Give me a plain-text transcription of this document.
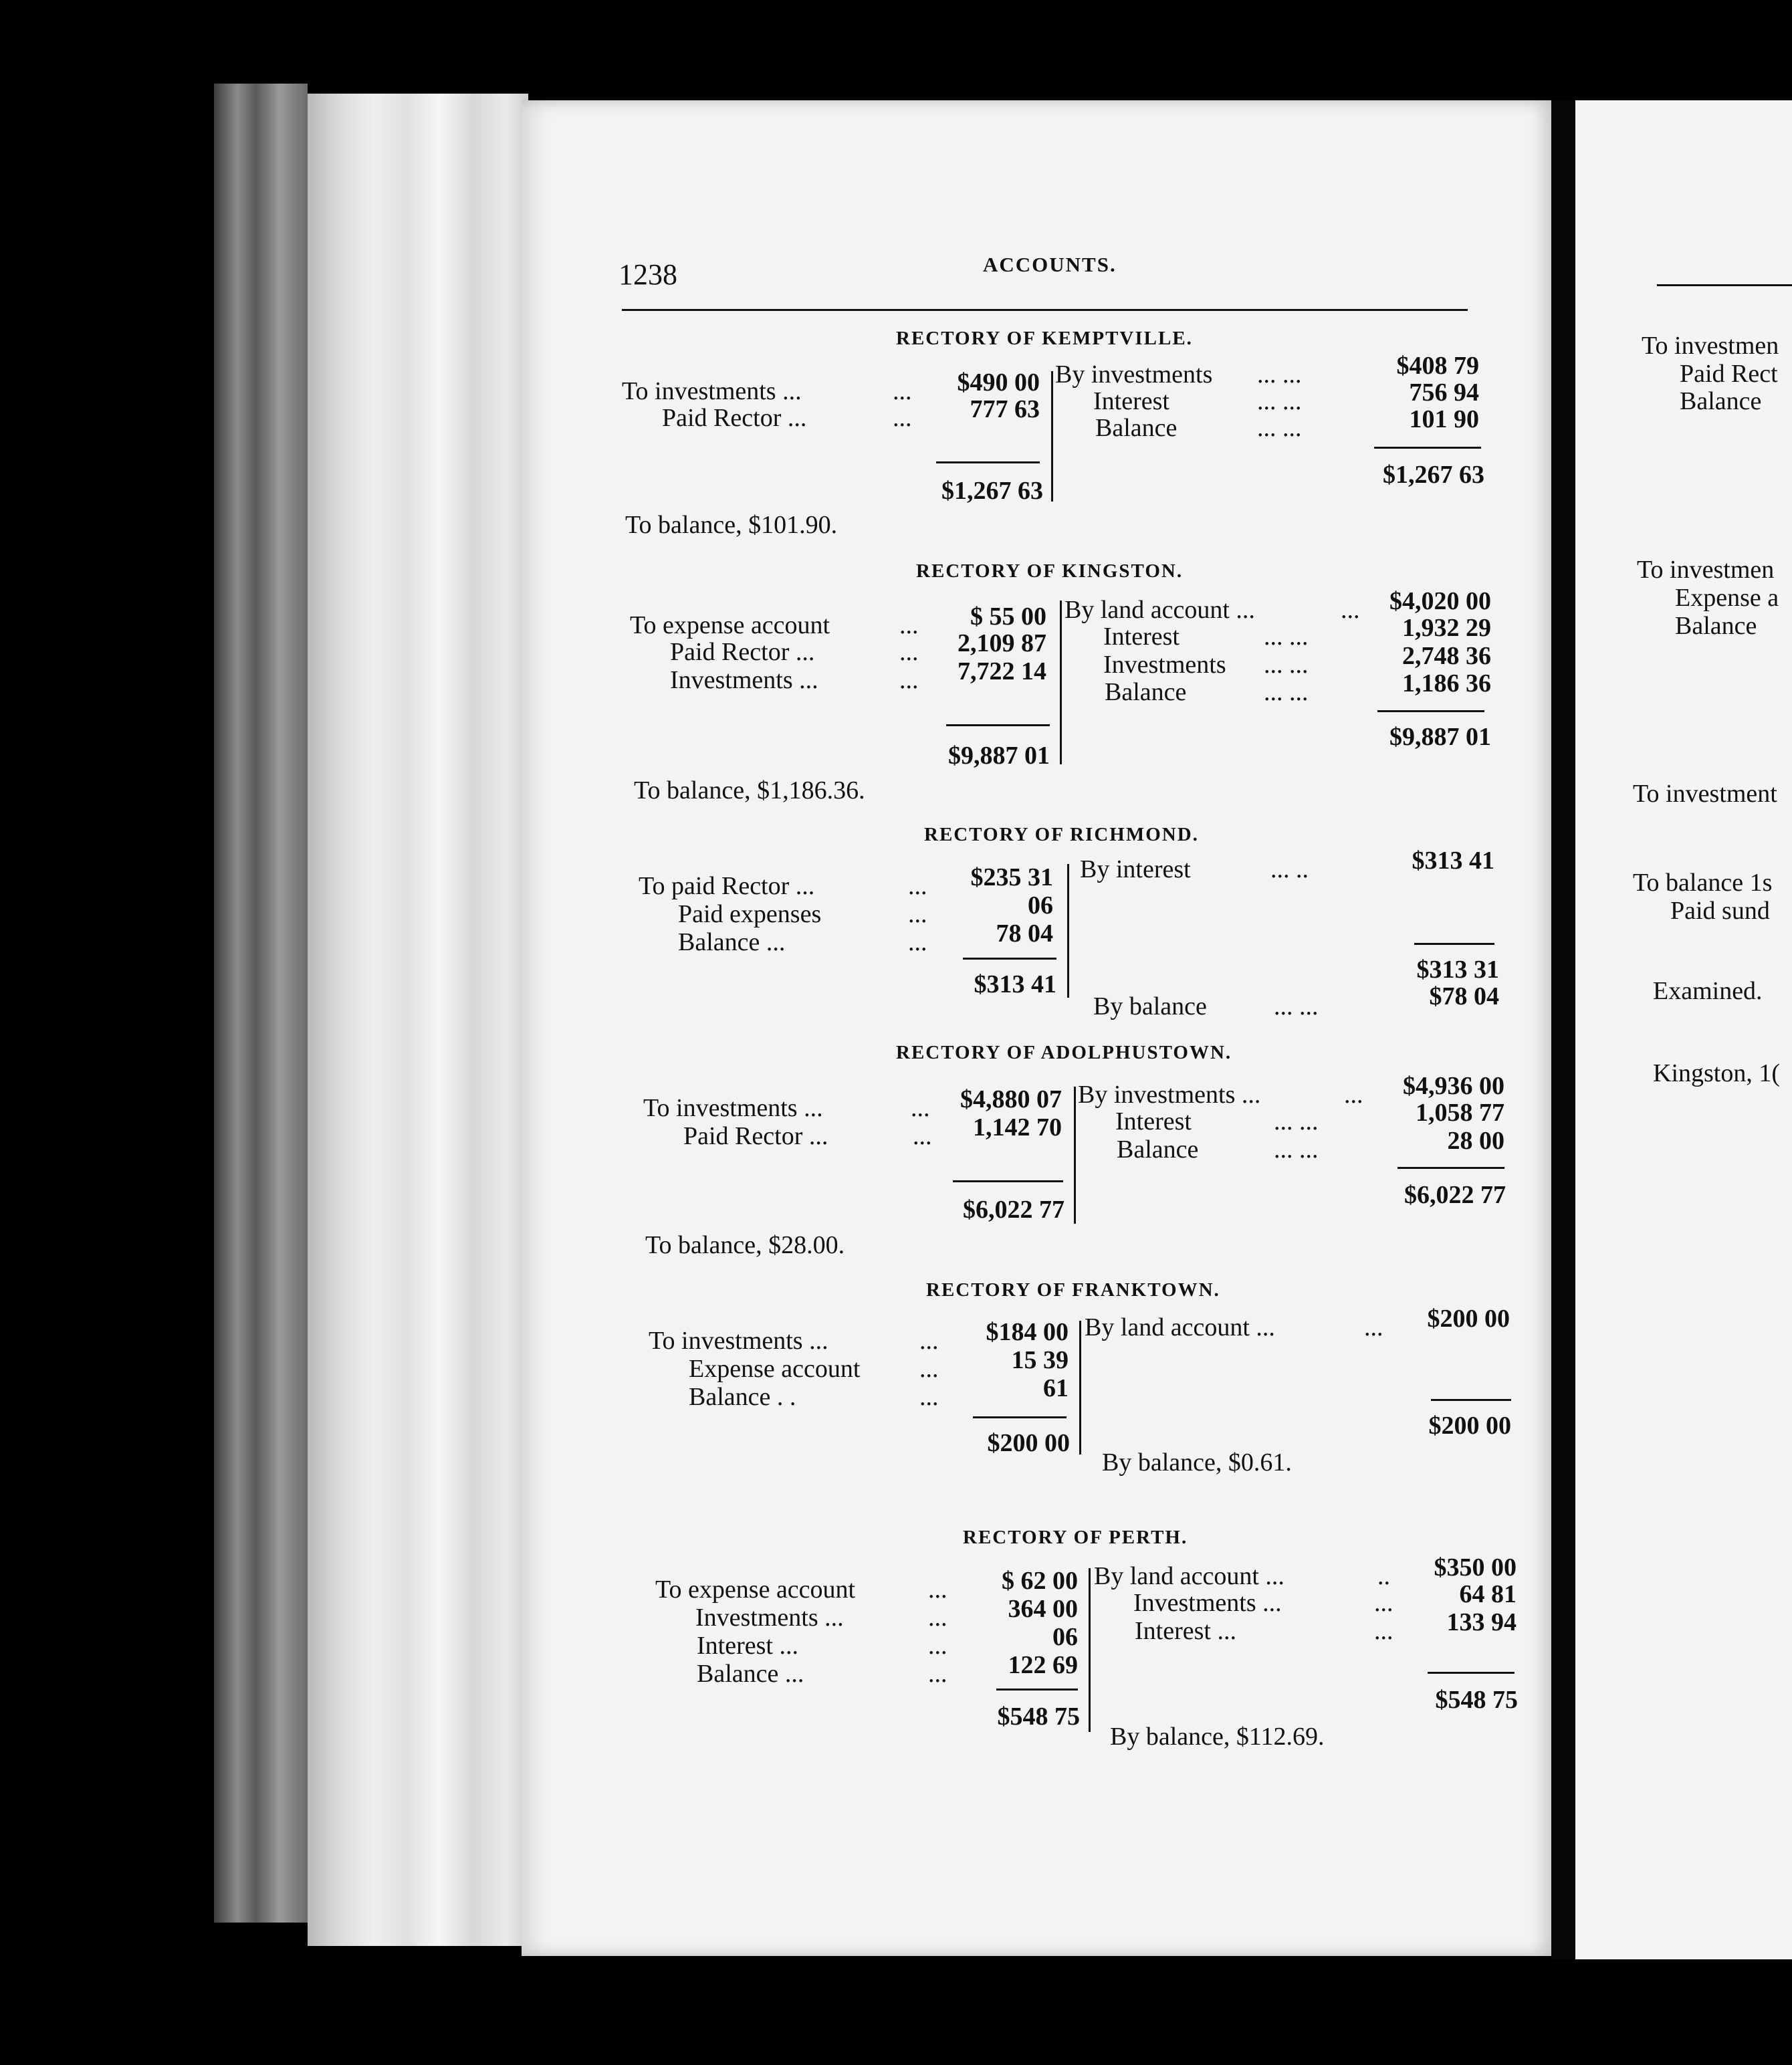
1238	ACCOUNTS.
RECTORY OF KEMPTVILLE.
To investments ...	...	$490 00
Paid Rector ...	...	777 63
$1,267 63
By investments ... ...	$408 79
Interest	... ...	756 94
Balance	... ...	101 90
$1,267 63
To balance, $101.90.
RECTORY OF KINGSTON.
To expense account	...	$ 55 00
Paid Rector ...	...	2,109 87
Investments ...	...	7,722 14
$9,887 01
By land account ...	...	$4,020 00
Interest	... ...	1,932 29
Investments ... ...	2,748 36
Balance	... ...	1,186 36
$9,887 01
To balance, $1,186.36.
RECTORY OF RICHMOND.
To paid Rector ...	...	$235 31
Paid expenses	...	06
Balance ...	...	78 04
$313 41
By interest	... ..	$313 41
$313 31
By balance	... ...	$78 04
RECTORY OF ADOLPHUSTOWN.
To investments ...	...	$4,880 07
Paid Rector ...	...	1,142 70
$6,022 77
By investments ...	...	$4,936 00
Interest	... ...	1,058 77
Balance	... ...	28 00
$6,022 77
To balance, $28.00.
RECTORY OF FRANKTOWN.
To investments ...	...	$184 00
Expense account ...	15 39
Balance . .	...	61
$200 00
By land account ...	...	$200 00
$200 00
By balance, $0.61.
RECTORY OF PERTH.
To expense account	...	$ 62 00
Investments ...	...	364 00
Interest ...	...	06
Balance ...	...	122 69
$548 75
By land account ...	..	$350 00
Investments ...	...	64 81
Interest ...	...	133 94
$548 75
By balance, $112.69.
To investmen
Paid Rect
Balance
To investmen
Expense a
Balance
To investment
To balance 1s
Paid sund
Examined.
Kingston, 1(
